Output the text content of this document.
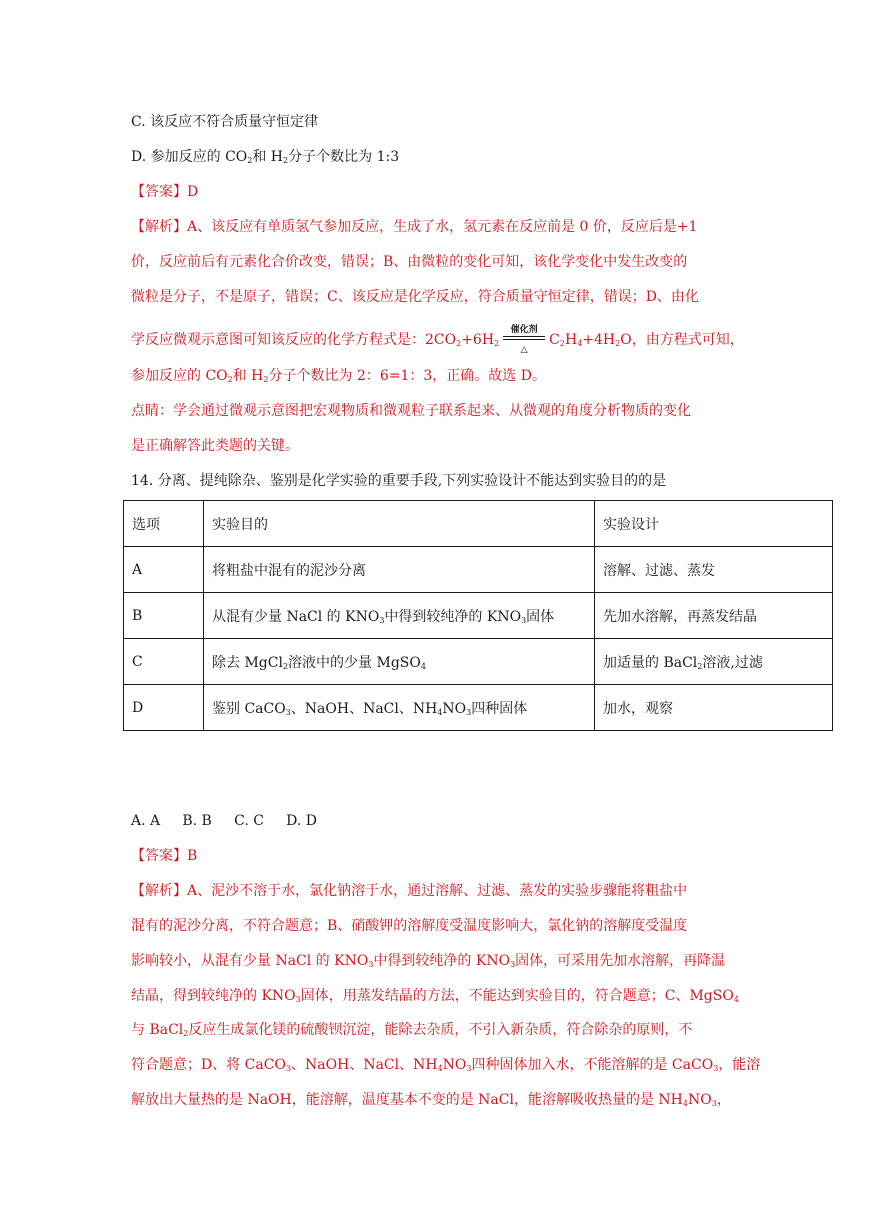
C. 该反应不符合质量守恒定律
D. 参加反应的 $CO_2$和 $H_2$分子个数比为 1:3
【答案】D
【解析】A、该反应有单质氢气参加反应，生成了水，氢元素在反应前是 0 价，反应后是+1
价，反应前后有元素化合价改变，错误；B、由微粒的变化可知，该化学变化中发生改变的
微粒是分子，不是原子，错误；C、该反应是化学反应，符合质量守恒定律，错误；D、由化
学反应微观示意图可知该反应的化学方程式是：$2CO_2+6H_2$
催化剂
△
$C_2H_4+4H_2O$，由方程式可知，
参加反应的 $CO_2$和 $H_2$分子个数比为 2：6=1：3，正确。故选 D。
点睛：学会通过微观示意图把宏观物质和微观粒子联系起来、从微观的角度分析物质的变化
是正确解答此类题的关键。
14. 分离、提纯除杂、鉴别是化学实验的重要手段,下列实验设计不能达到实验目的的是
选项	实验目的	实验设计
A	将粗盐中混有的泥沙分离	溶解、过滤、蒸发
B	从混有少量 NaCl 的 $KNO_3$中得到较纯净的 $KNO_3$固体	先加水溶解，再蒸发结晶
C	除去 MgCl$_2$溶液中的少量 MgSO$_4$	加适量的 BaCl$_2$溶液,过滤
D	鉴别 CaCO$_3$、NaOH、NaCl、$NH_4NO_3$四种固体	加水，观察
A. A     B. B     C. C     D. D
【答案】B
【解析】A、泥沙不溶于水，氯化钠溶于水，通过溶解、过滤、蒸发的实验步骤能将粗盐中
混有的泥沙分离，不符合题意；B、硝酸钾的溶解度受温度影响大，氯化钠的溶解度受温度
影响较小，从混有少量 NaCl 的 $KNO_3$中得到较纯净的 $KNO_3$固体，可采用先加水溶解，再降温
结晶，得到较纯净的 $KNO_3$固体，用蒸发结晶的方法，不能达到实验目的，符合题意；C、MgSO$_4$
与 BaCl$_2$反应生成氯化镁的硫酸钡沉淀，能除去杂质，不引入新杂质，符合除杂的原则，不
符合题意；D、将 CaCO$_3$、NaOH、NaCl、$NH_4NO_3$四种固体加入水，不能溶解的是 CaCO$_3$，能溶
解放出大量热的是 NaOH，能溶解，温度基本不变的是 NaCl，能溶解吸收热量的是 $NH_4NO_3$，
